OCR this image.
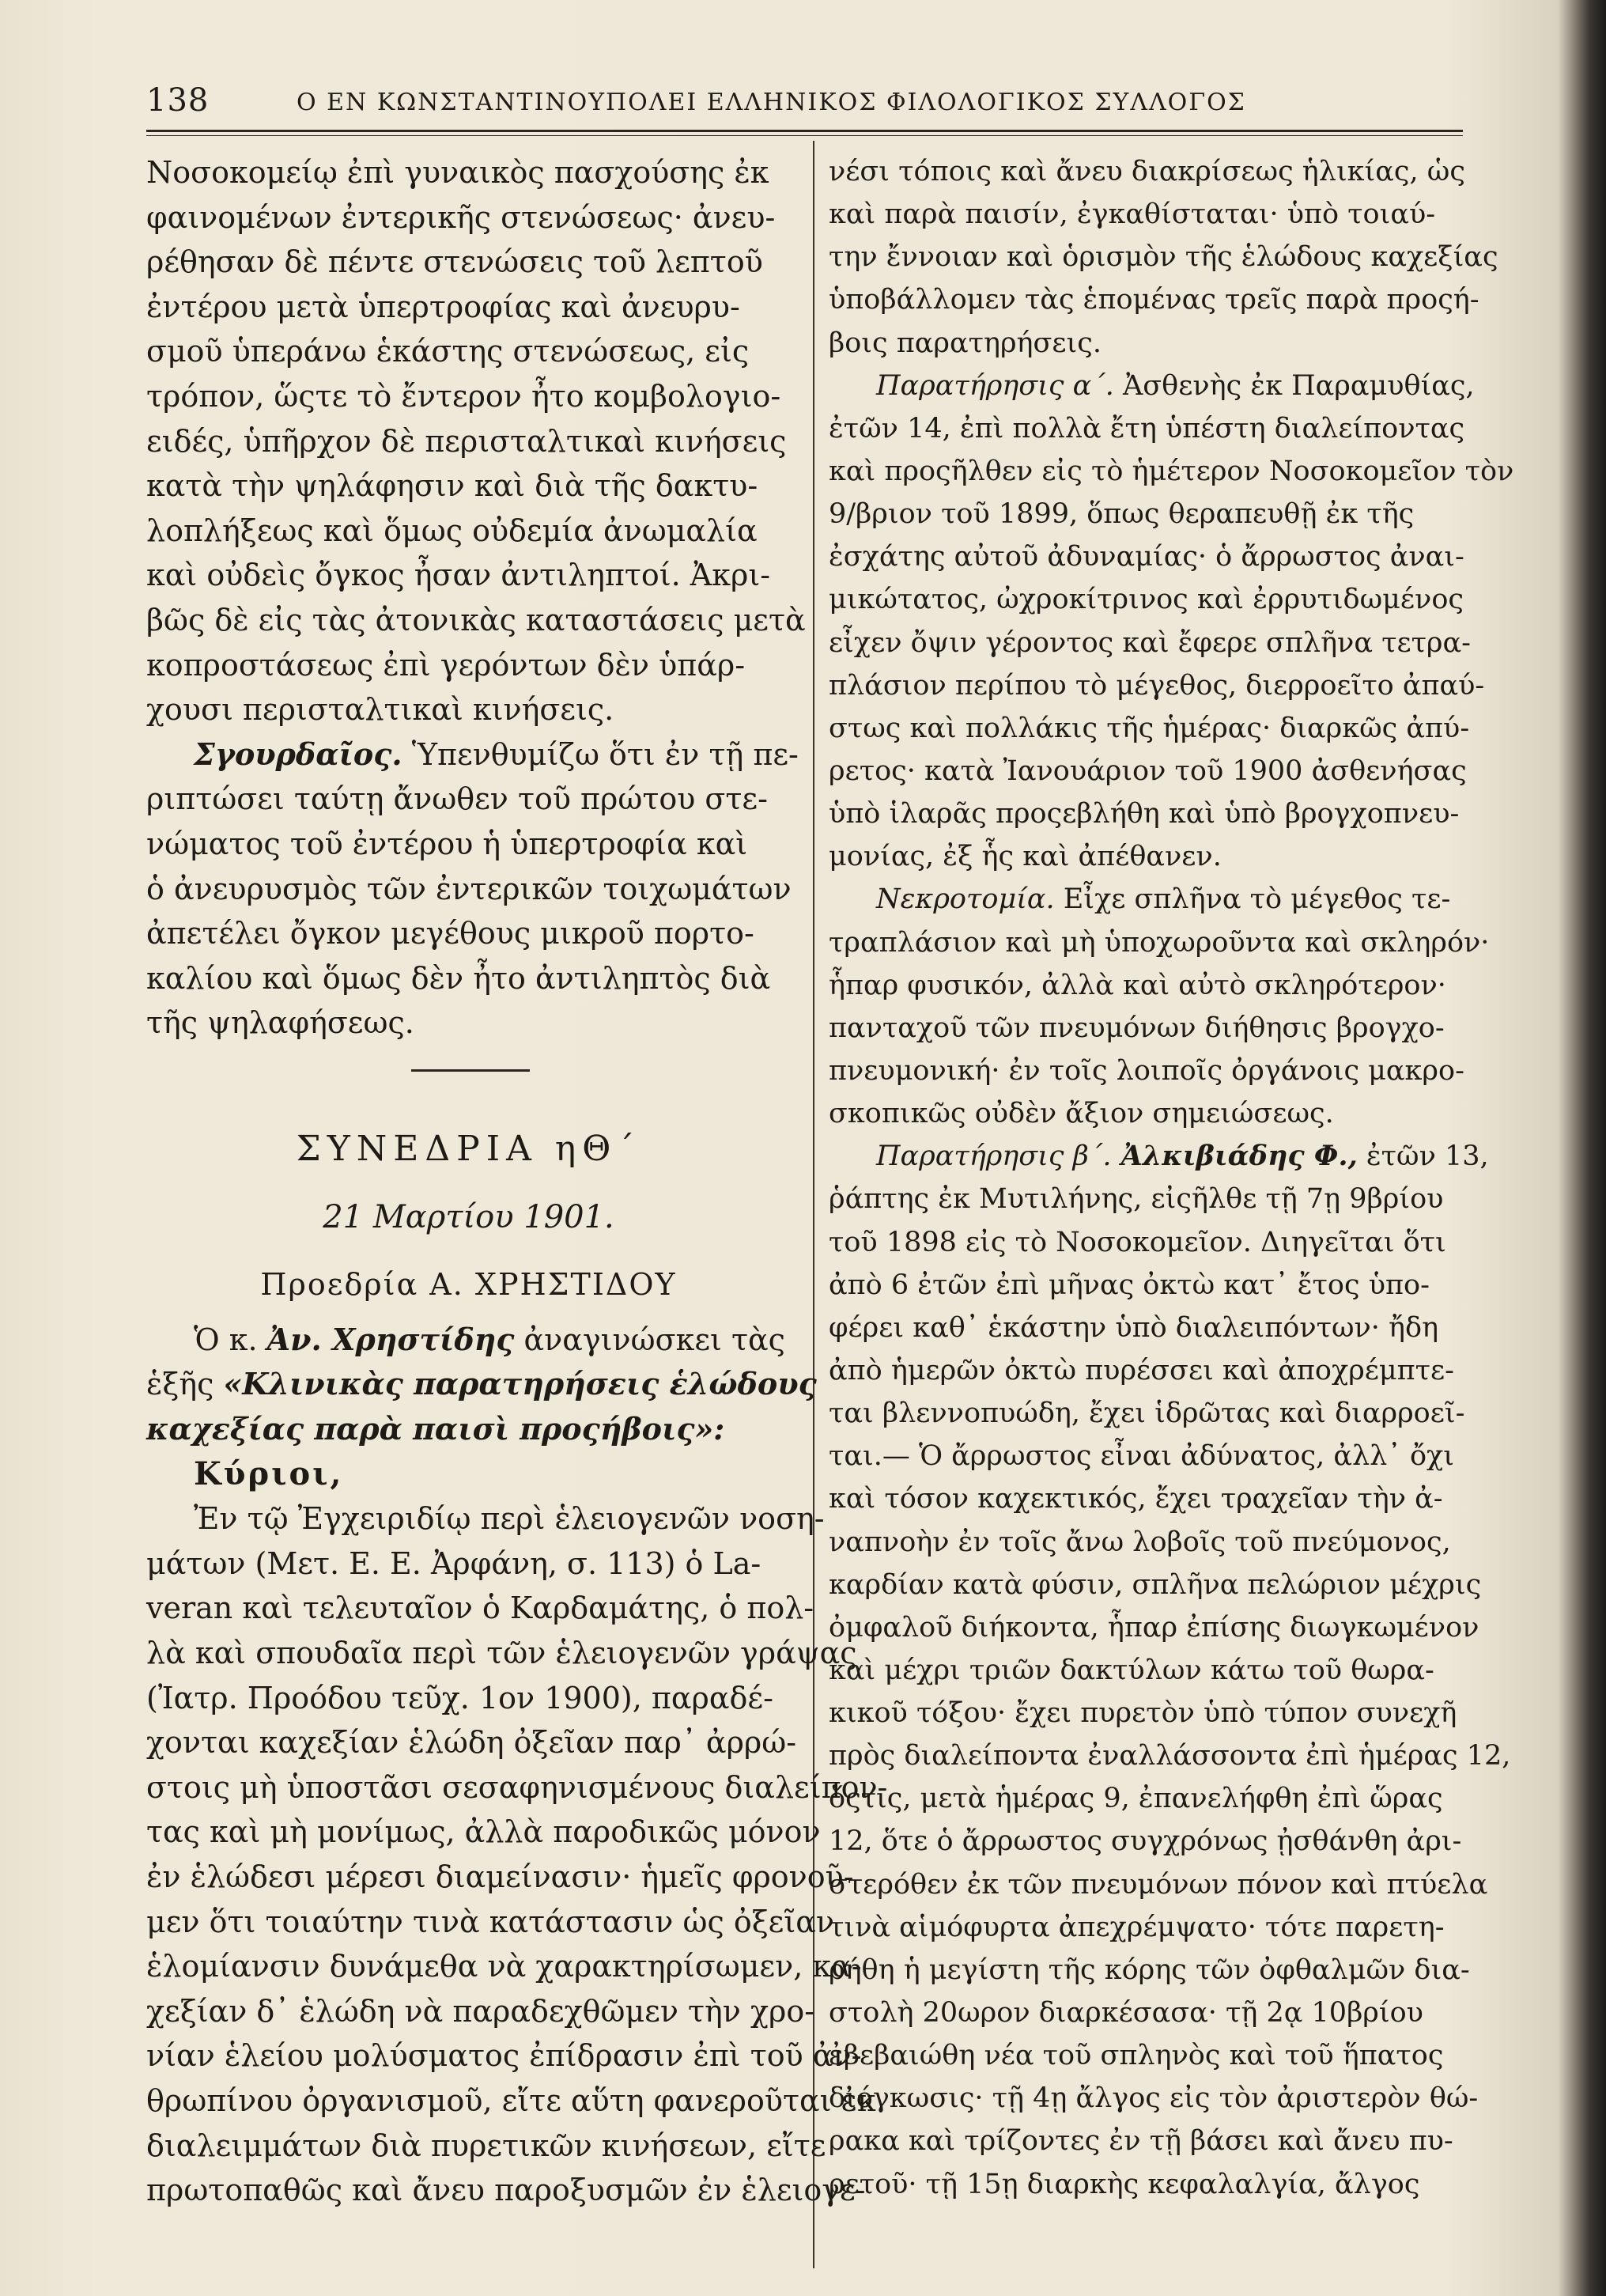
138	Ο ΕΝ ΚΩΝΣΤΑΝΤΙΝΟΥΠΟΛΕΙ ΕΛΛΗΝΙΚΟΣ ΦΙΛΟΛΟΓΙΚΟΣ ΣΥΛΛΟΓΟΣ
Νοσοκομείῳ ἐπὶ γυναικὸς πασχούσης ἐκ
φαινομένων ἐντερικῆς στενώσεως· ἀνευ-
ρέθησαν δὲ πέντε στενώσεις τοῦ λεπτοῦ
ἐντέρου μετὰ ὑπερτροφίας καὶ ἀνευρυ-
σμοῦ ὑπεράνω ἑκάστης στενώσεως, εἰς
τρόπον, ὥςτε τὸ ἔντερον ἦτο κομβολογιο-
ειδές, ὑπῆρχον δὲ περισταλτικαὶ κινήσεις
κατὰ τὴν ψηλάφησιν καὶ διὰ τῆς δακτυ-
λοπλήξεως καὶ ὅμως οὐδεμία ἀνωμαλία
καὶ οὐδεὶς ὄγκος ἦσαν ἀντιληπτοί. Ἀκρι-
βῶς δὲ εἰς τὰς ἀτονικὰς καταστάσεις μετὰ
κοπροστάσεως ἐπὶ γερόντων δὲν ὑπάρ-
χουσι περισταλτικαὶ κινήσεις.
Σγουρδαῖος. Ὑπενθυμίζω ὅτι ἐν τῇ πε-
ριπτώσει ταύτῃ ἄνωθεν τοῦ πρώτου στε-
νώματος τοῦ ἐντέρου ἡ ὑπερτροφία καὶ
ὁ ἀνευρυσμὸς τῶν ἐντερικῶν τοιχωμάτων
ἀπετέλει ὄγκον μεγέθους μικροῦ πορτο-
καλίου καὶ ὅμως δὲν ἦτο ἀντιληπτὸς διὰ
τῆς ψηλαφήσεως.
ΣΥΝΕΔΡΙΑ ηΘ΄
21 Μαρτίου 1901.
Προεδρία Α. ΧΡΗΣΤΙΔΟΥ
Ὁ κ. Ἀν. Χρηστίδης ἀναγινώσκει τὰς
ἑξῆς «Κλινικὰς παρατηρήσεις ἑλώδους
καχεξίας παρὰ παισὶ προςήβοις»:
Κύριοι,
Ἐν τῷ Ἐγχειριδίῳ περὶ ἑλειογενῶν νοση-
μάτων (Μετ. Ε. Ε. Ἀρφάνη, σ. 113) ὁ La-
veran καὶ τελευταῖον ὁ Καρδαμάτης, ὁ πολ-
λὰ καὶ σπουδαῖα περὶ τῶν ἑλειογενῶν γράψας
(Ἰατρ. Προόδου τεῦχ. 1ον 1900), παραδέ-
χονται καχεξίαν ἑλώδη ὀξεῖαν παρ᾽ ἀρρώ-
στοις μὴ ὑποστᾶσι σεσαφηνισμένους διαλείπον-
τας καὶ μὴ μονίμως, ἀλλὰ παροδικῶς μόνον
ἐν ἑλώδεσι μέρεσι διαμείνασιν· ἡμεῖς φρονοῦ-
μεν ὅτι τοιαύτην τινὰ κατάστασιν ὡς ὀξεῖαν
ἑλομίανσιν δυνάμεθα νὰ χαρακτηρίσωμεν, κα-
χεξίαν δ᾽ ἑλώδη νὰ παραδεχθῶμεν τὴν χρο-
νίαν ἑλείου μολύσματος ἐπίδρασιν ἐπὶ τοῦ ἀν-
θρωπίνου ὀργανισμοῦ, εἴτε αὕτη φανεροῦται ἐκ
διαλειμμάτων διὰ πυρετικῶν κινήσεων, εἴτε
πρωτοπαθῶς καὶ ἄνευ παροξυσμῶν ἐν ἑλειογε-
νέσι τόποις καὶ ἄνευ διακρίσεως ἡλικίας, ὡς
καὶ παρὰ παισίν, ἐγκαθίσταται· ὑπὸ τοιαύ-
την ἔννοιαν καὶ ὁρισμὸν τῆς ἑλώδους καχεξίας
ὑποβάλλομεν τὰς ἑπομένας τρεῖς παρὰ προςή-
βοις παρατηρήσεις.
Παρατήρησις α΄. Ἀσθενὴς ἐκ Παραμυθίας,
ἐτῶν 14, ἐπὶ πολλὰ ἔτη ὑπέστη διαλείποντας
καὶ προςῆλθεν εἰς τὸ ἡμέτερον Νοσοκομεῖον τὸν
9/βριον τοῦ 1899, ὅπως θεραπευθῇ ἐκ τῆς
ἐσχάτης αὐτοῦ ἀδυναμίας· ὁ ἄρρωστος ἀναι-
μικώτατος, ὠχροκίτρινος καὶ ἐρρυτιδωμένος
εἶχεν ὄψιν γέροντος καὶ ἔφερε σπλῆνα τετρα-
πλάσιον περίπου τὸ μέγεθος, διερροεῖτο ἀπαύ-
στως καὶ πολλάκις τῆς ἡμέρας· διαρκῶς ἀπύ-
ρετος· κατὰ Ἰανουάριον τοῦ 1900 ἀσθενήσας
ὑπὸ ἱλαρᾶς προςεβλήθη καὶ ὑπὸ βρογχοπνευ-
μονίας, ἐξ ἧς καὶ ἀπέθανεν.
Νεκροτομία. Εἶχε σπλῆνα τὸ μέγεθος τε-
τραπλάσιον καὶ μὴ ὑποχωροῦντα καὶ σκληρόν·
ἧπαρ φυσικόν, ἀλλὰ καὶ αὐτὸ σκληρότερον·
πανταχοῦ τῶν πνευμόνων διήθησις βρογχο-
πνευμονική· ἐν τοῖς λοιποῖς ὀργάνοις μακρο-
σκοπικῶς οὐδὲν ἄξιον σημειώσεως.
Παρατήρησις β΄. Ἀλκιβιάδης Φ., ἐτῶν 13,
ῥάπτης ἐκ Μυτιλήνης, εἰςῆλθε τῇ 7ῃ 9βρίου
τοῦ 1898 εἰς τὸ Νοσοκομεῖον. Διηγεῖται ὅτι
ἀπὸ 6 ἐτῶν ἐπὶ μῆνας ὀκτὼ κατ᾽ ἔτος ὑπο-
φέρει καθ᾽ ἑκάστην ὑπὸ διαλειπόντων· ἤδη
ἀπὸ ἡμερῶν ὀκτὼ πυρέσσει καὶ ἀποχρέμπτε-
ται βλεννοπυώδη, ἔχει ἱδρῶτας καὶ διαρροεῖ-
ται.— Ὁ ἄρρωστος εἶναι ἀδύνατος, ἀλλ᾽ ὄχι
καὶ τόσον καχεκτικός, ἔχει τραχεῖαν τὴν ἀ-
ναπνοὴν ἐν τοῖς ἄνω λοβοῖς τοῦ πνεύμονος,
καρδίαν κατὰ φύσιν, σπλῆνα πελώριον μέχρις
ὀμφαλοῦ διήκοντα, ἧπαρ ἐπίσης διωγκωμένον
καὶ μέχρι τριῶν δακτύλων κάτω τοῦ θωρα-
κικοῦ τόξου· ἔχει πυρετὸν ὑπὸ τύπον συνεχῆ
πρὸς διαλείποντα ἐναλλάσσοντα ἐπὶ ἡμέρας 12,
ὅςτις, μετὰ ἡμέρας 9, ἐπανελήφθη ἐπὶ ὥρας
12, ὅτε ὁ ἄρρωστος συγχρόνως ᾐσθάνθη ἀρι-
στερόθεν ἐκ τῶν πνευμόνων πόνον καὶ πτύελα
τινὰ αἱμόφυρτα ἀπεχρέμψατο· τότε παρετη-
ρήθη ἡ μεγίστη τῆς κόρης τῶν ὀφθαλμῶν δια-
στολὴ 20ωρον διαρκέσασα· τῇ 2ᾳ 10βρίου
ἐβεβαιώθη νέα τοῦ σπληνὸς καὶ τοῦ ἥπατος
διόγκωσις· τῇ 4ῃ ἄλγος εἰς τὸν ἀριστερὸν θώ-
ρακα καὶ τρίζοντες ἐν τῇ βάσει καὶ ἄνευ πυ-
ρετοῦ· τῇ 15ῃ διαρκὴς κεφαλαλγία, ἄλγος
